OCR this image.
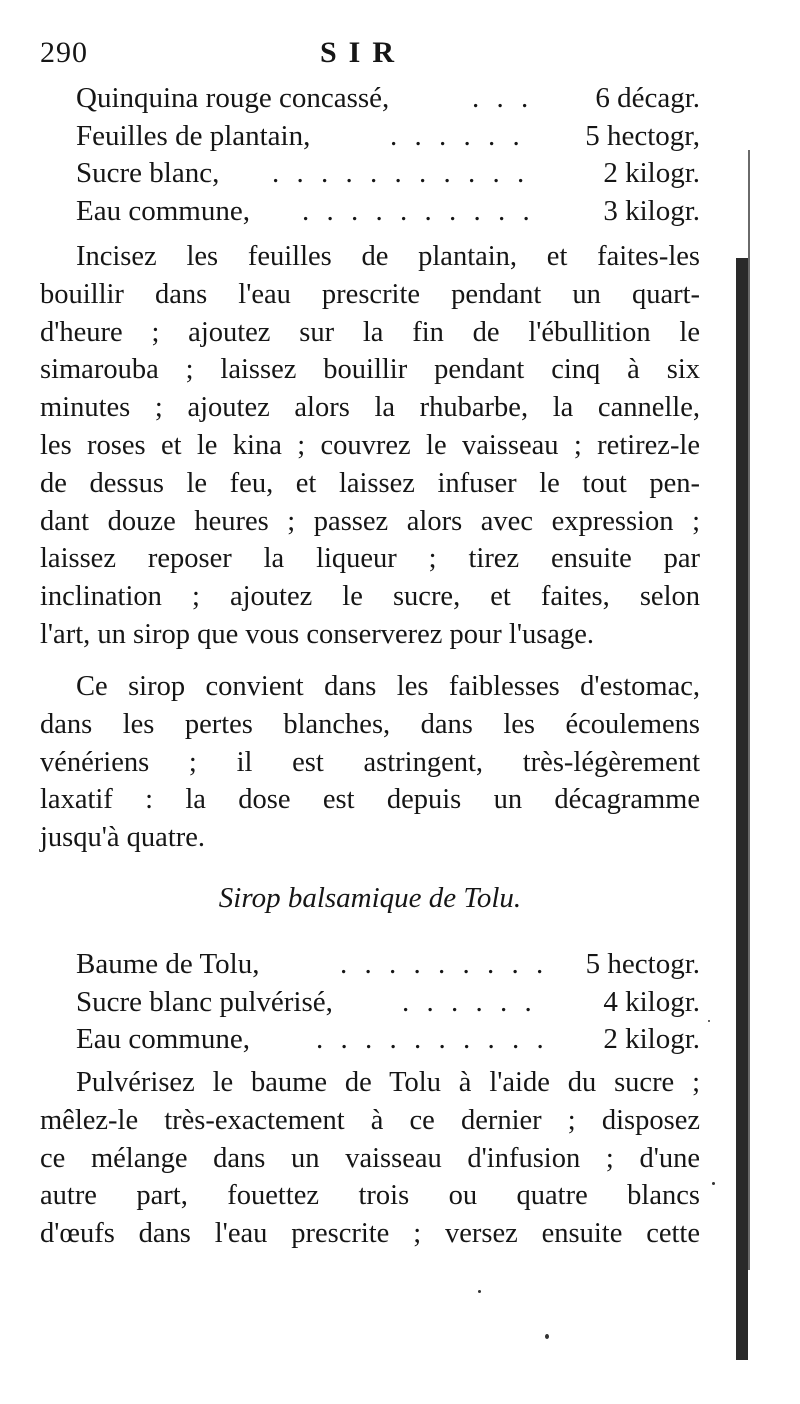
290	SIR
Quinquina rouge concassé,	. . . 6 décagr.
Feuilles de plantain,	. . . . . . 5 hectogr,
Sucre blanc, . . . . . . . . . . .	2 kilogr.
Eau commune, . . . . . . . . . . 3 kilogr.
Incisez les feuilles de plantain, et faites-les
bouillir dans l'eau prescrite pendant un quart-
d'heure ; ajoutez sur la fin de l'ébullition le
simarouba ; laissez bouillir pendant cinq à six
minutes ; ajoutez alors la rhubarbe, la cannelle,
les roses et le kina ; couvrez le vaisseau ; retirez-le
de dessus le feu, et laissez infuser le tout pen-
dant douze heures ; passez alors avec expression ;
laissez reposer la liqueur ; tirez ensuite par
inclination ; ajoutez le sucre, et faites, selon
l'art, un sirop que vous conserverez pour l'usage.
Ce sirop convient dans les faiblesses d'estomac,
dans les pertes blanches, dans les écoulemens
vénériens ; il est astringent, très-légèrement
laxatif : la dose est depuis un décagramme
jusqu'à quatre.
Sirop balsamique de Tolu.
Baume de Tolu,	. . . . . . . . . 5 hectogr.
Sucre blanc pulvérisé, . . . . . . 4 kilogr.
Eau commune, . . . . . . . . . . 2 kilogr.
Pulvérisez le baume de Tolu à l'aide du sucre ;
mêlez-le très-exactement à ce dernier ; disposez
ce mélange dans un vaisseau d'infusion ; d'une
autre part, fouettez trois ou quatre blancs
d'œufs dans l'eau prescrite ; versez ensuite cette
